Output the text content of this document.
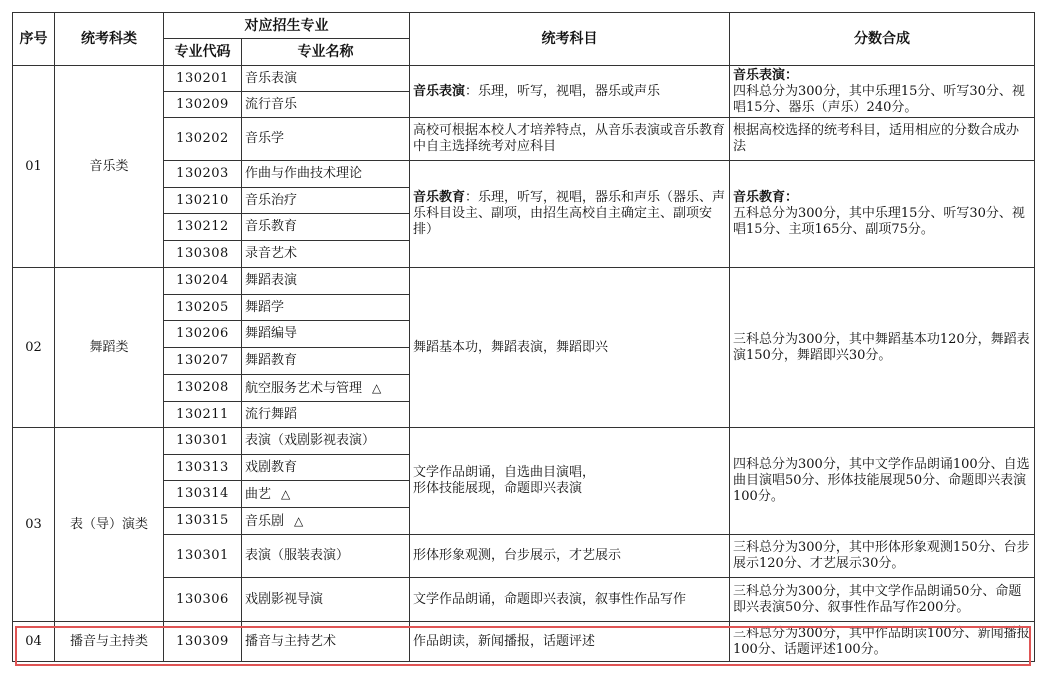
序号	统考科类	对应招生专业		统考科目	分数合成
		专业代码	专业名称		
01	音乐类	130201	音乐表演	音乐表演：乐理，听写，视唱，器乐或声乐	音乐表演：
四科总分为300分，其中乐理15分、听写30分、视唱15分、器乐（声乐）240分。
		130209	流行音乐		
		130202	音乐学	高校可根据本校人才培养特点，从音乐表演或音乐教育中自主选择统考对应科目	根据高校选择的统考科目，适用相应的分数合成办法
		130203	作曲与作曲技术理论	音乐教育：乐理，听写，视唱，器乐和声乐（器乐、声乐科目设主、副项，由招生高校自主确定主、副项安排）	音乐教育：
五科总分为300分，其中乐理15分、听写30分、视唱15分、主项165分、副项75分。
		130210	音乐治疗		
		130212	音乐教育		
		130308	录音艺术		
02	舞蹈类	130204	舞蹈表演	舞蹈基本功，舞蹈表演，舞蹈即兴	三科总分为300分，其中舞蹈基本功120分，舞蹈表演150分，舞蹈即兴30分。
		130205	舞蹈学		
		130206	舞蹈编导		
		130207	舞蹈教育		
		130208	航空服务艺术与管理 △		
		130211	流行舞蹈		
03	表（导）演类	130301	表演（戏剧影视表演）	文学作品朗诵，自选曲目演唱，
形体技能展现，命题即兴表演	四科总分为300分，其中文学作品朗诵100分、自选曲目演唱50分、形体技能展现50分、命题即兴表演100分。
		130313	戏剧教育		
		130314	曲艺 △		
		130315	音乐剧 △		
		130301	表演（服装表演）	形体形象观测，台步展示，才艺展示	三科总分为300分，其中形体形象观测150分、台步展示120分、才艺展示30分。
		130306	戏剧影视导演	文学作品朗诵，命题即兴表演，叙事性作品写作	三科总分为300分，其中文学作品朗诵50分、命题即兴表演50分、叙事性作品写作200分。
04	播音与主持类	130309	播音与主持艺术	作品朗读，新闻播报，话题评述	三科总分为300分，其中作品朗读100分、新闻播报100分、话题评述100分。
